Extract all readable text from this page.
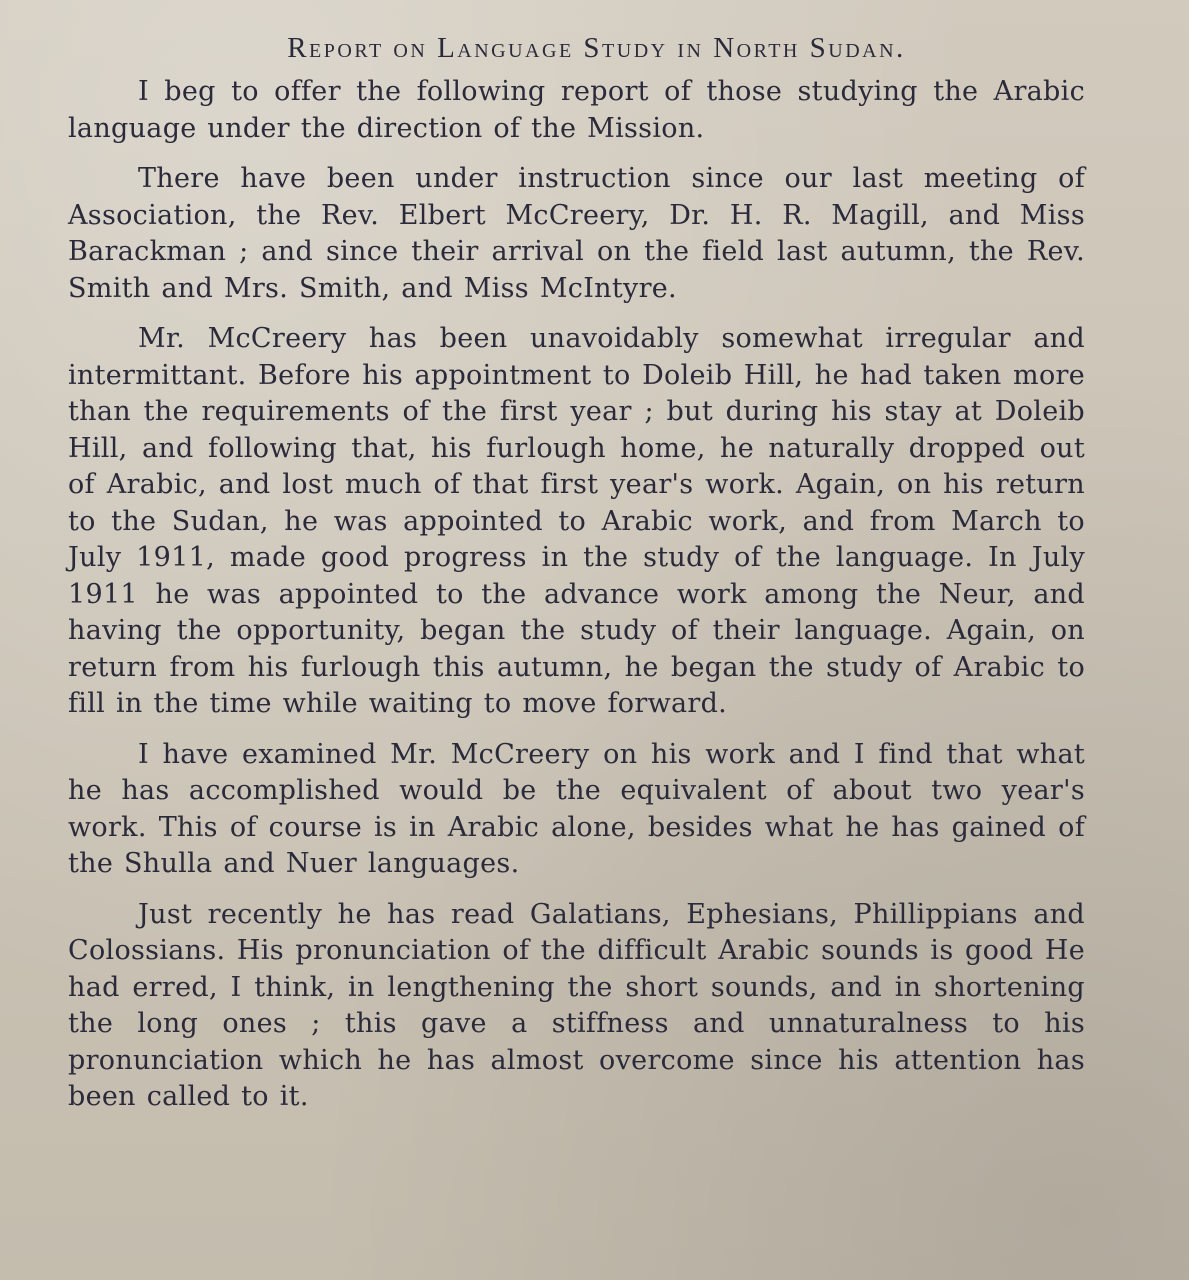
Report on Language Study in North Sudan.

I beg to offer the following report of those studying the Arabic language under the direction of the Mission.

There have been under instruction since our last meeting of Association, the Rev. Elbert McCreery, Dr. H. R. Magill, and Miss Barackman ; and since their arrival on the field last autumn, the Rev. Smith and Mrs. Smith, and Miss McIntyre.

Mr. McCreery has been unavoidably somewhat irregular and intermittant. Before his appointment to Doleib Hill, he had taken more than the requirements of the first year ; but during his stay at Doleib Hill, and following that, his furlough home, he naturally dropped out of Arabic, and lost much of that first year's work. Again, on his return to the Sudan, he was appointed to Arabic work, and from March to July 1911, made good progress in the study of the language. In July 1911 he was appointed to the advance work among the Neur, and having the opportunity, began the study of their language. Again, on return from his furlough this autumn, he began the study of Arabic to fill in the time while waiting to move forward.

I have examined Mr. McCreery on his work and I find that what he has accomplished would be the equivalent of about two year's work. This of course is in Arabic alone, besides what he has gained of the Shulla and Nuer languages.

Just recently he has read Galatians, Ephesians, Phillippians and Colossians. His pronunciation of the difficult Arabic sounds is good He had erred, I think, in lengthening the short sounds, and in shortening the long ones ; this gave a stiffness and unnaturalness to his pronunciation which he has almost overcome since his attention has been called to it.
